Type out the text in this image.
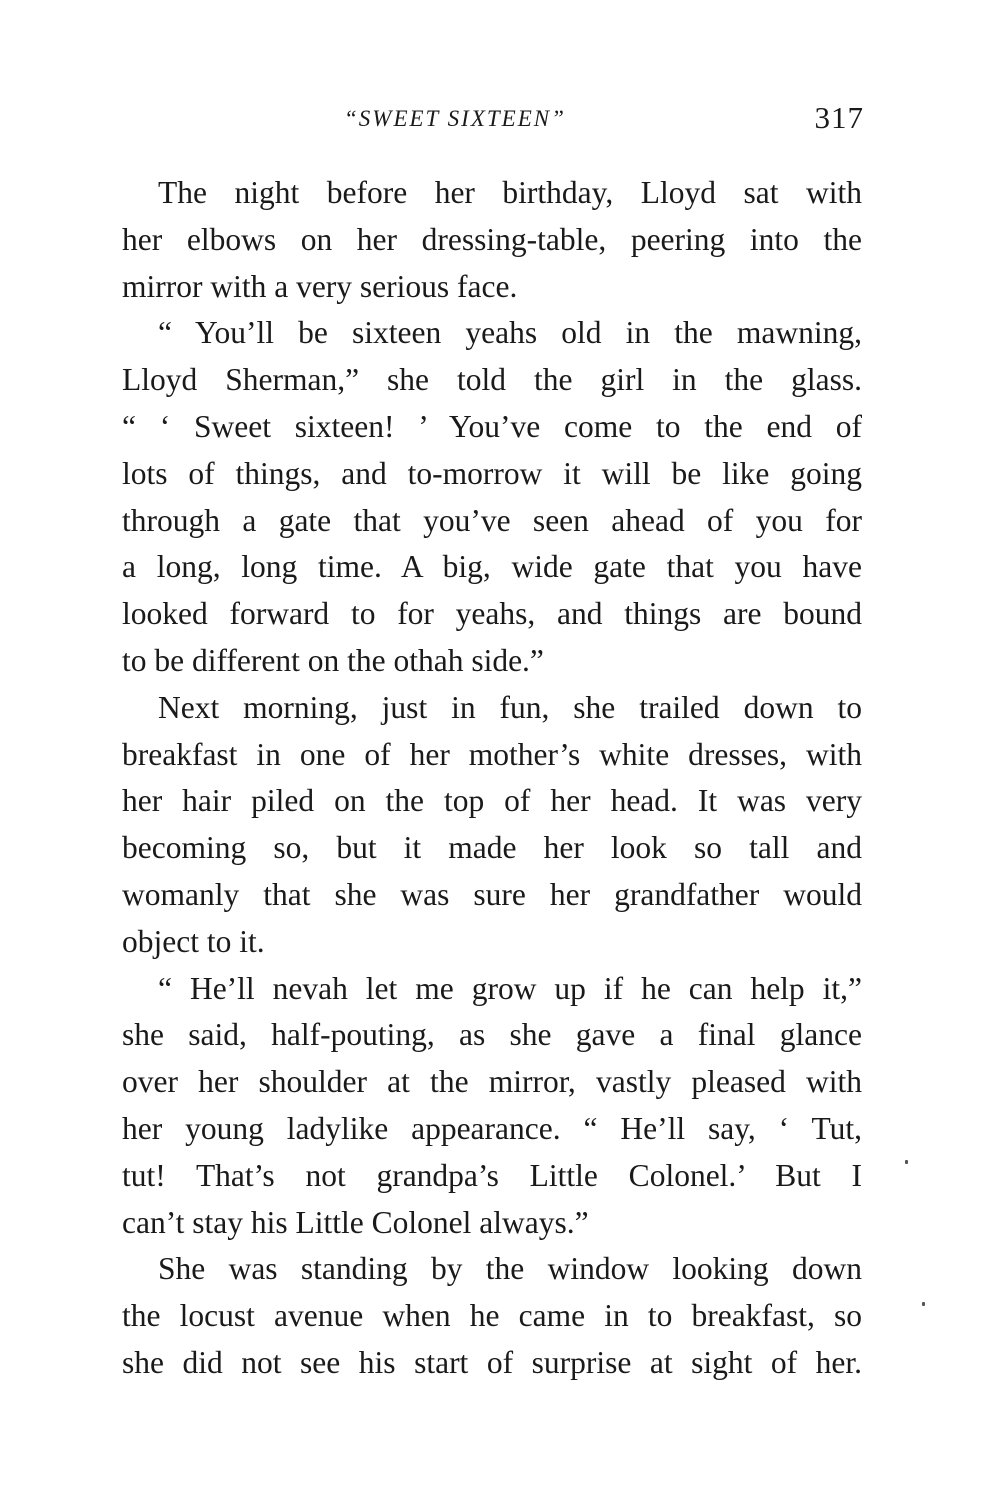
“SWEET SIXTEEN”	317

The night before her birthday, Lloyd sat with
her elbows on her dressing-table, peering into the
mirror with a very serious face.

“ You’ll be sixteen yeahs old in the mawning,
Lloyd Sherman,” she told the girl in the glass.
“ ‘ Sweet sixteen! ’ You’ve come to the end of
lots of things, and to-morrow it will be like going
through a gate that you’ve seen ahead of you for
a long, long time. A big, wide gate that you have
looked forward to for yeahs, and things are bound
to be different on the othah side.”

Next morning, just in fun, she trailed down to
breakfast in one of her mother’s white dresses, with
her hair piled on the top of her head. It was very
becoming so, but it made her look so tall and
womanly that she was sure her grandfather would
object to it.

“ He’ll nevah let me grow up if he can help it,”
she said, half-pouting, as she gave a final glance
over her shoulder at the mirror, vastly pleased with
her young ladylike appearance. “ He’ll say, ‘ Tut,
tut! That’s not grandpa’s Little Colonel.’ But I
can’t stay his Little Colonel always.”

She was standing by the window looking down
the locust avenue when he came in to breakfast, so
she did not see his start of surprise at sight of her.
